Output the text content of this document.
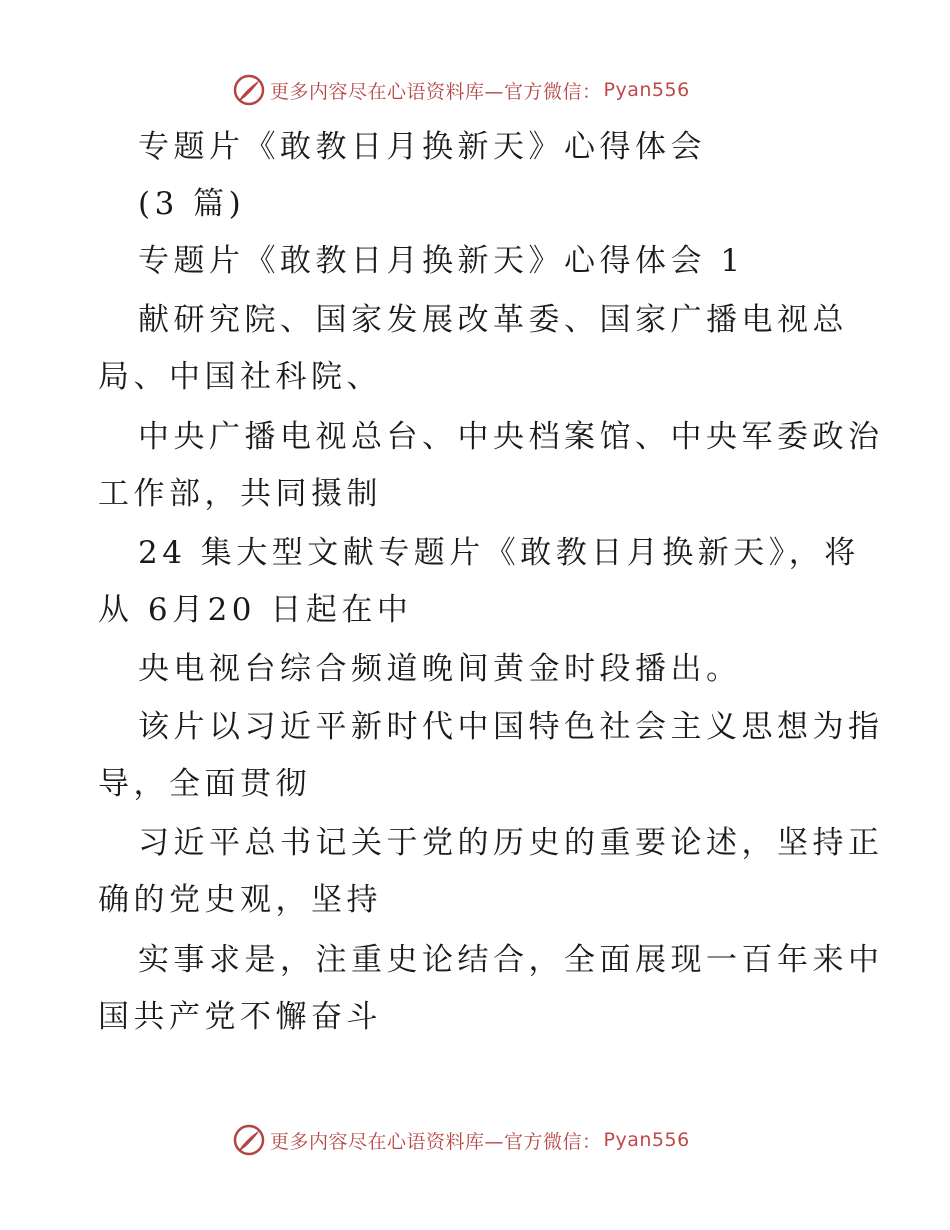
更多内容尽在心语资料库—官方微信： Pyan556
专题片《敢教日月换新天》心得体会
(3 篇)
专题片《敢教日月换新天》心得体会 1
献研究院、国家发展改革委、国家广播电视总
局、中国社科院、
中央广播电视总台、中央档案馆、中央军委政治
工作部，共同摄制
24 集大型文献专题片《敢教日月换新天》，将
从 6月20 日起在中
央电视台综合频道晚间黄金时段播出。
该片以习近平新时代中国特色社会主义思想为指
导，全面贯彻
习近平总书记关于党的历史的重要论述，坚持正
确的党史观，坚持
实事求是，注重史论结合，全面展现一百年来中
国共产党不懈奋斗
更多内容尽在心语资料库—官方微信： Pyan556
